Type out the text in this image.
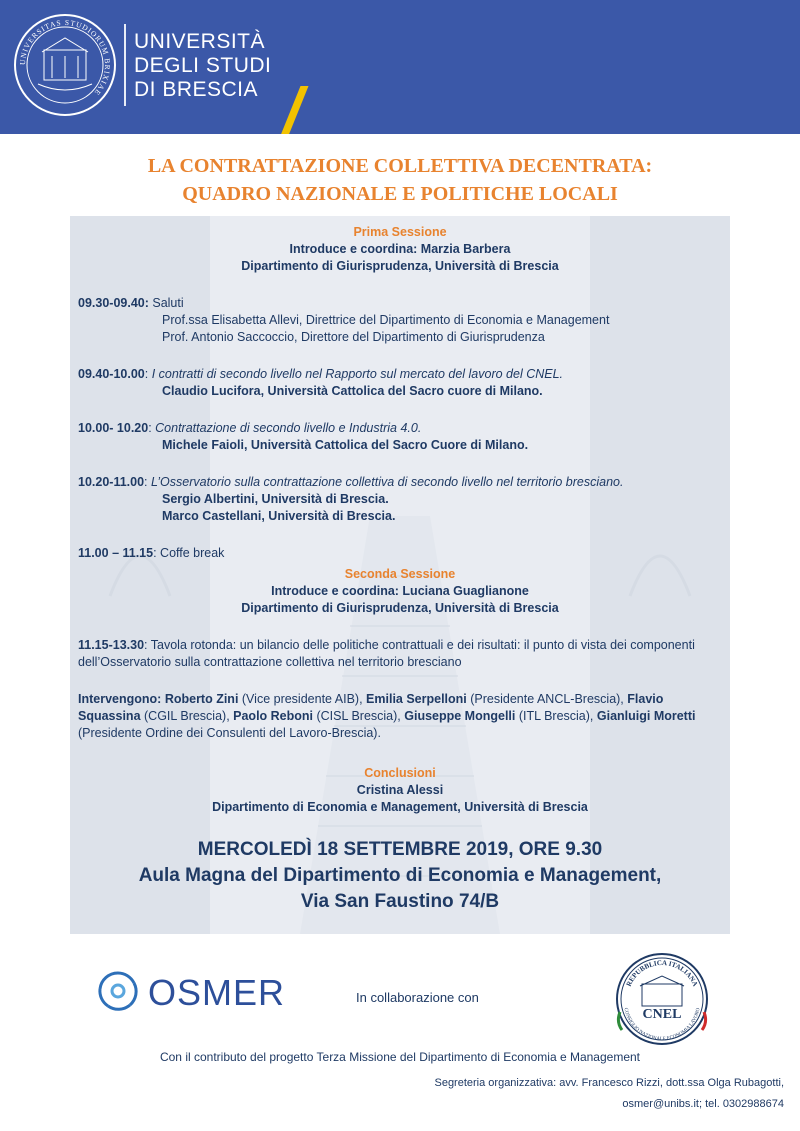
UNIVERSITAS STUDIORUM BRIXIAE
UNIVERSITÀ
DEGLI STUDI
DI BRESCIA
LA CONTRATTAZIONE COLLETTIVA DECENTRATA:
QUADRO NAZIONALE E POLITICHE LOCALI
Prima Sessione
Introduce e coordina: Marzia Barbera
Dipartimento di Giurisprudenza, Università di Brescia
09.30-09.40: Saluti
Prof.ssa Elisabetta Allevi, Direttrice del Dipartimento di Economia e Management
Prof. Antonio Saccoccio, Direttore del Dipartimento di Giurisprudenza
09.40-10.00: I contratti di secondo livello nel Rapporto sul mercato del lavoro del CNEL.
Claudio Lucifora, Università Cattolica del Sacro cuore di Milano.
10.00- 10.20: Contrattazione di secondo livello e Industria 4.0.
Michele Faioli, Università Cattolica del Sacro Cuore di Milano.
10.20-11.00: L’Osservatorio sulla contrattazione collettiva di secondo livello nel territorio bresciano.
Sergio Albertini, Università di Brescia.
Marco Castellani, Università di Brescia.
11.00 – 11.15: Coffe break
Seconda Sessione
Introduce e coordina: Luciana Guaglianone
Dipartimento di Giurisprudenza, Università di Brescia
11.15-13.30: Tavola rotonda: un bilancio delle politiche contrattuali e dei risultati: il punto di vista dei componenti dell’Osservatorio sulla contrattazione collettiva nel territorio bresciano
Intervengono: Roberto Zini (Vice presidente AIB), Emilia Serpelloni (Presidente ANCL-Brescia), Flavio Squassina (CGIL Brescia), Paolo Reboni (CISL Brescia), Giuseppe Mongelli (ITL Brescia), Gianluigi Moretti (Presidente Ordine dei Consulenti del Lavoro-Brescia).
Conclusioni
Cristina Alessi
Dipartimento di Economia e Management, Università di Brescia
MERCOLEDÌ 18 SETTEMBRE 2019, ORE 9.30
Aula Magna del Dipartimento di Economia e Management,
Via San Faustino 74/B
OSMER	In collaborazione con
REPUBBLICA ITALIANA
CONSIGLIO NAZIONALE ECONOMIA LAVORO
CNEL
Con il contributo del progetto Terza Missione del Dipartimento di Economia e Management
Segreteria organizzativa: avv. Francesco Rizzi, dott.ssa Olga Rubagotti,
osmer@unibs.it; tel. 0302988674
